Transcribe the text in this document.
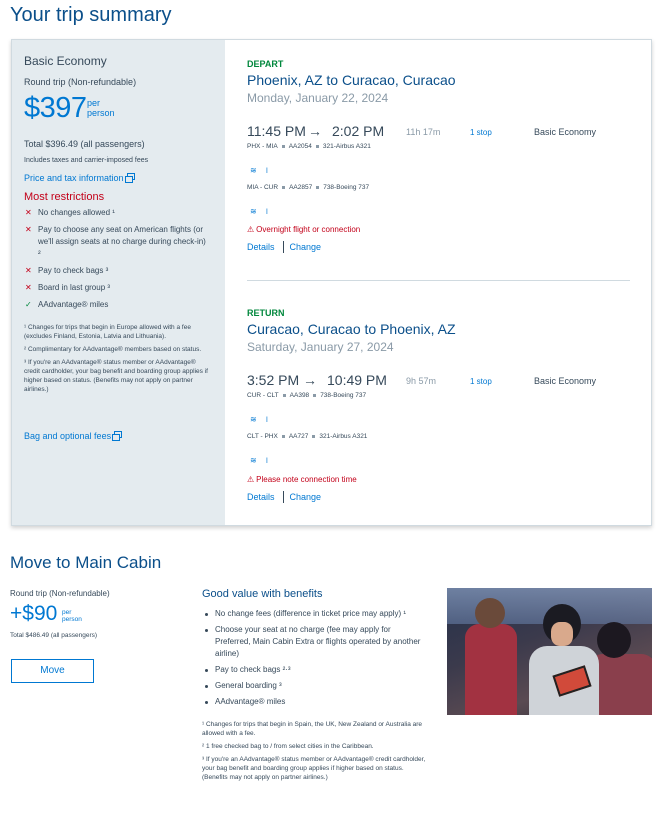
Your trip summary
Basic Economy
Round trip (Non-refundable)
$397 per person
Total $396.49 (all passengers)
Includes taxes and carrier-imposed fees
Price and tax information
Most restrictions
✕ No changes allowed ¹
✕ Pay to choose any seat on American flights (or we'll assign seats at no charge during check-in) ²
✕ Pay to check bags ³
✕ Board in last group ³
✓ AAdvantage® miles

¹ Changes for trips that begin in Europe allowed with a fee (excludes Finland, Estonia, Latvia and Lithuania).

² Complimentary for AAdvantage® members based on status.

³ If you're an AAdvantage® status member or AAdvantage® credit cardholder, your bag benefit and boarding group applies if higher based on status. (Benefits may not apply on partner airlines.)

Bag and optional fees
DEPART
Phoenix, AZ to Curacao, Curacao
Monday, January 22, 2024
11:45 PM → 2:02 PM 11h 17m	1 stop	Basic Economy
PHX - MIA AA2054 321-Airbus A321
≋ ⏽
MIA - CUR AA2857 738-Boeing 737
≋ ⏽
⚠ Overnight flight or connection
Details Change
RETURN
Curacao, Curacao to Phoenix, AZ
Saturday, January 27, 2024
3:52 PM → 10:49 PM 9h 57m	1 stop	Basic Economy
CUR - CLT AA398 738-Boeing 737
≋ ⏽
CLT - PHX AA727 321-Airbus A321
≋ ⏽
⚠ Please note connection time
Details Change
Move to Main Cabin
Round trip (Non-refundable)
+$90 per person
Total $486.49 (all passengers)
Move
Good value with benefits
No change fees (difference in ticket price may apply) ¹
Choose your seat at no charge (fee may apply for Preferred, Main Cabin Extra or flights operated by another airline)
Pay to check bags ²·³
General boarding ³
AAdvantage® miles

¹ Changes for trips that begin in Spain, the UK, New Zealand or Australia are allowed with a fee.

² 1 free checked bag to / from select cities in the Caribbean.

³ If you're an AAdvantage® status member or AAdvantage® credit cardholder, your bag benefit and boarding group applies if higher based on status. (Benefits may not apply on partner airlines.)
